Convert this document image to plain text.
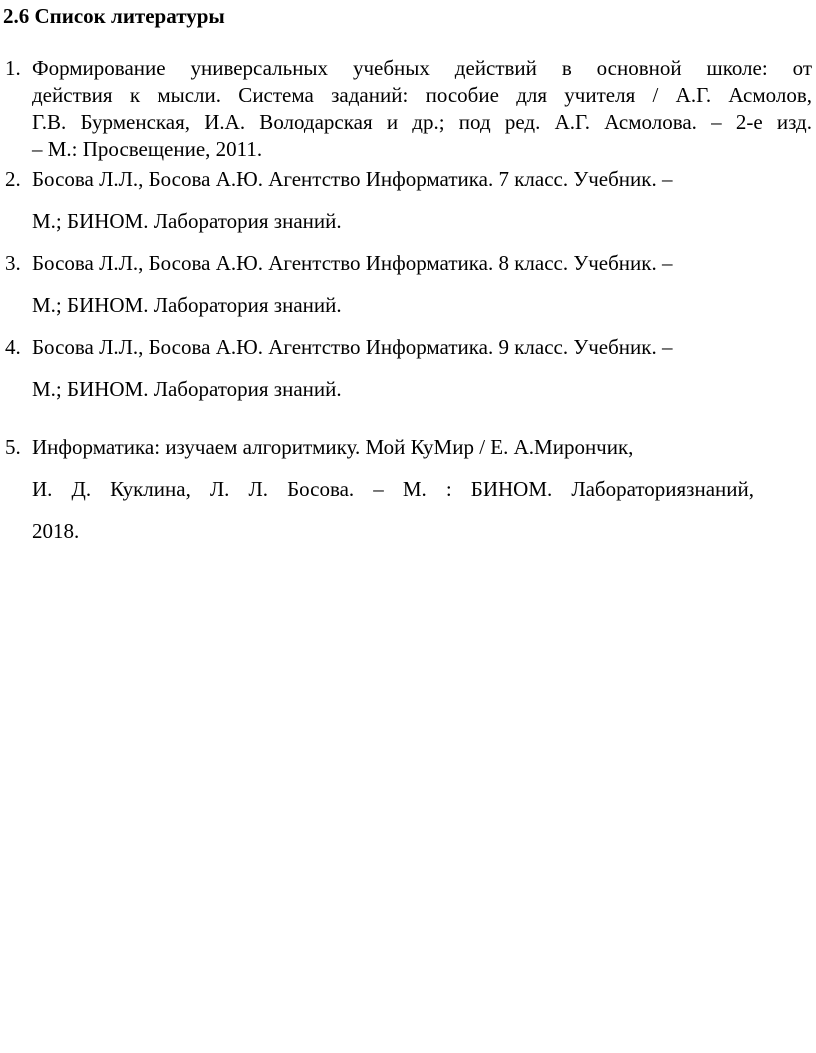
2.6 Список литературы
1. Формирование универсальных учебных действий в основной школе: от
действия к мысли. Система заданий: пособие для учителя / А.Г. Асмолов,
Г.В. Бурменская, И.А. Володарская и др.; под ред. А.Г. Асмолова. – 2-е изд.
– М.: Просвещение, 2011.
2. Босова Л.Л., Босова А.Ю. Агентство Информатика. 7 класс. Учебник. –
М.; БИНОМ. Лаборатория знаний.
3. Босова Л.Л., Босова А.Ю. Агентство Информатика. 8 класс. Учебник. –
М.; БИНОМ. Лаборатория знаний.
4. Босова Л.Л., Босова А.Ю. Агентство Информатика. 9 класс. Учебник. –
М.; БИНОМ. Лаборатория знаний.
5. Информатика: изучаем алгоритмику. Мой КуМир / Е. А.Мирончик,
И. Д. Куклина, Л. Л. Босова. – М. : БИНОМ. Лабораториязнаний,
2018.
